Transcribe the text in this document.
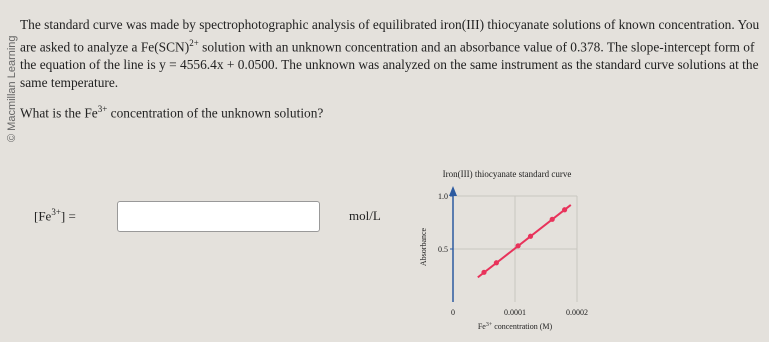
© Macmillan Learning

The standard curve was made by spectrophotographic analysis of equilibrated iron(III) thiocyanate solutions of known concentration. You are asked to analyze a Fe(SCN)$^{2+}$ solution with an unknown concentration and an absorbance value of 0.378. The slope-intercept form of the equation of the line is y = 4556.4x + 0.0500. The unknown was analyzed on the same instrument as the standard curve solutions at the same temperature.

What is the $Fe^{3+}$ concentration of the unknown solution?

$[Fe^{3+}]$ =	mol/L
Iron(III) thiocyanate standard curve
0.5
1.0
0	0.0001	0.0002
Absorbance
$Fe^{3+}$ concentration (M)
